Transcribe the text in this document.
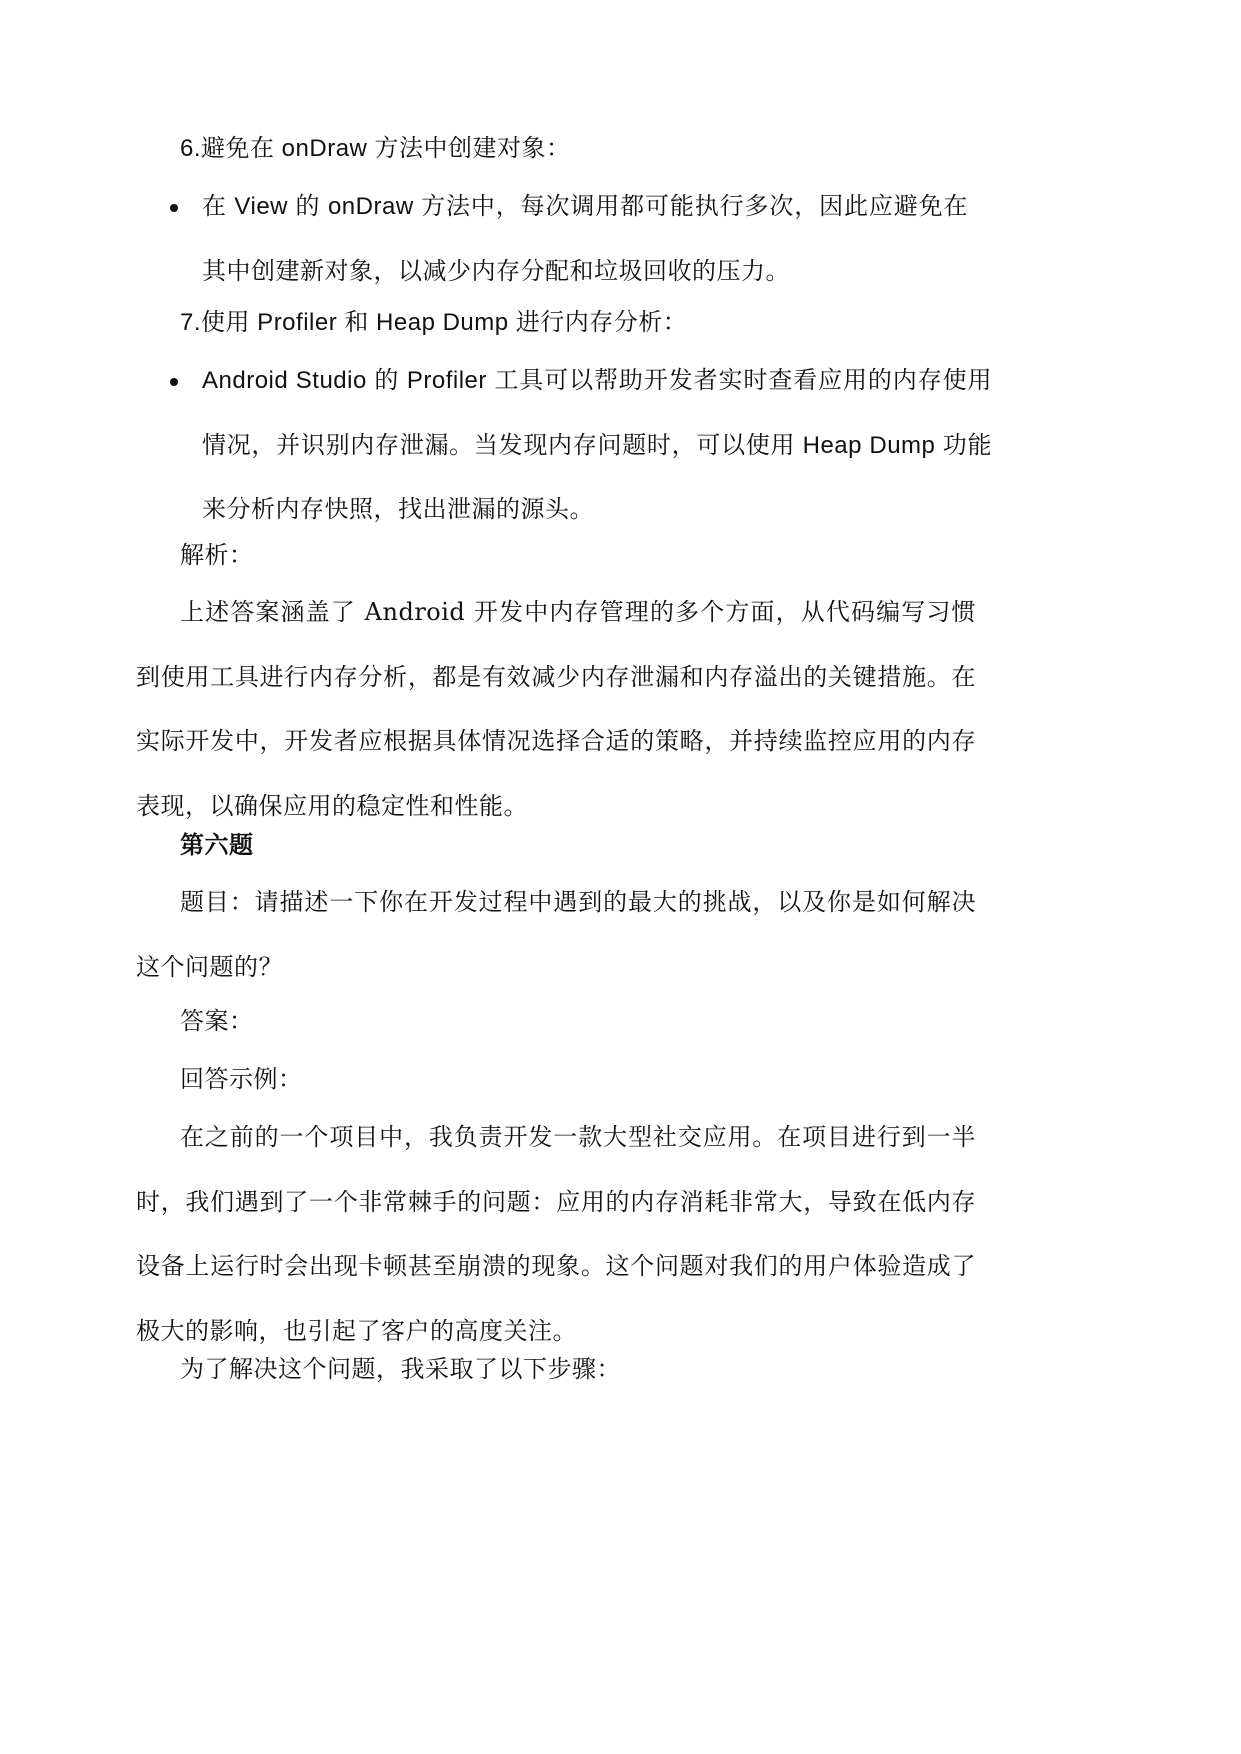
6.避免在 onDraw 方法中创建对象：

在 View 的 onDraw 方法中，每次调用都可能执行多次，因此应避免在其中创建新对象，以减少内存分配和垃圾回收的压力。

7.使用 Profiler 和 Heap Dump 进行内存分析：

Android Studio 的 Profiler 工具可以帮助开发者实时查看应用的内存使用情况，并识别内存泄漏。当发现内存问题时，可以使用 Heap Dump 功能来分析内存快照，找出泄漏的源头。

解析：

上述答案涵盖了 Android 开发中内存管理的多个方面，从代码编写习惯到使用工具进行内存分析，都是有效减少内存泄漏和内存溢出的关键措施。在实际开发中，开发者应根据具体情况选择合适的策略，并持续监控应用的内存表现，以确保应用的稳定性和性能。

第六题

题目：请描述一下你在开发过程中遇到的最大的挑战，以及你是如何解决这个问题的？

答案：

回答示例：

在之前的一个项目中，我负责开发一款大型社交应用。在项目进行到一半时，我们遇到了一个非常棘手的问题：应用的内存消耗非常大，导致在低内存设备上运行时会出现卡顿甚至崩溃的现象。这个问题对我们的用户体验造成了极大的影响，也引起了客户的高度关注。

为了解决这个问题，我采取了以下步骤：
